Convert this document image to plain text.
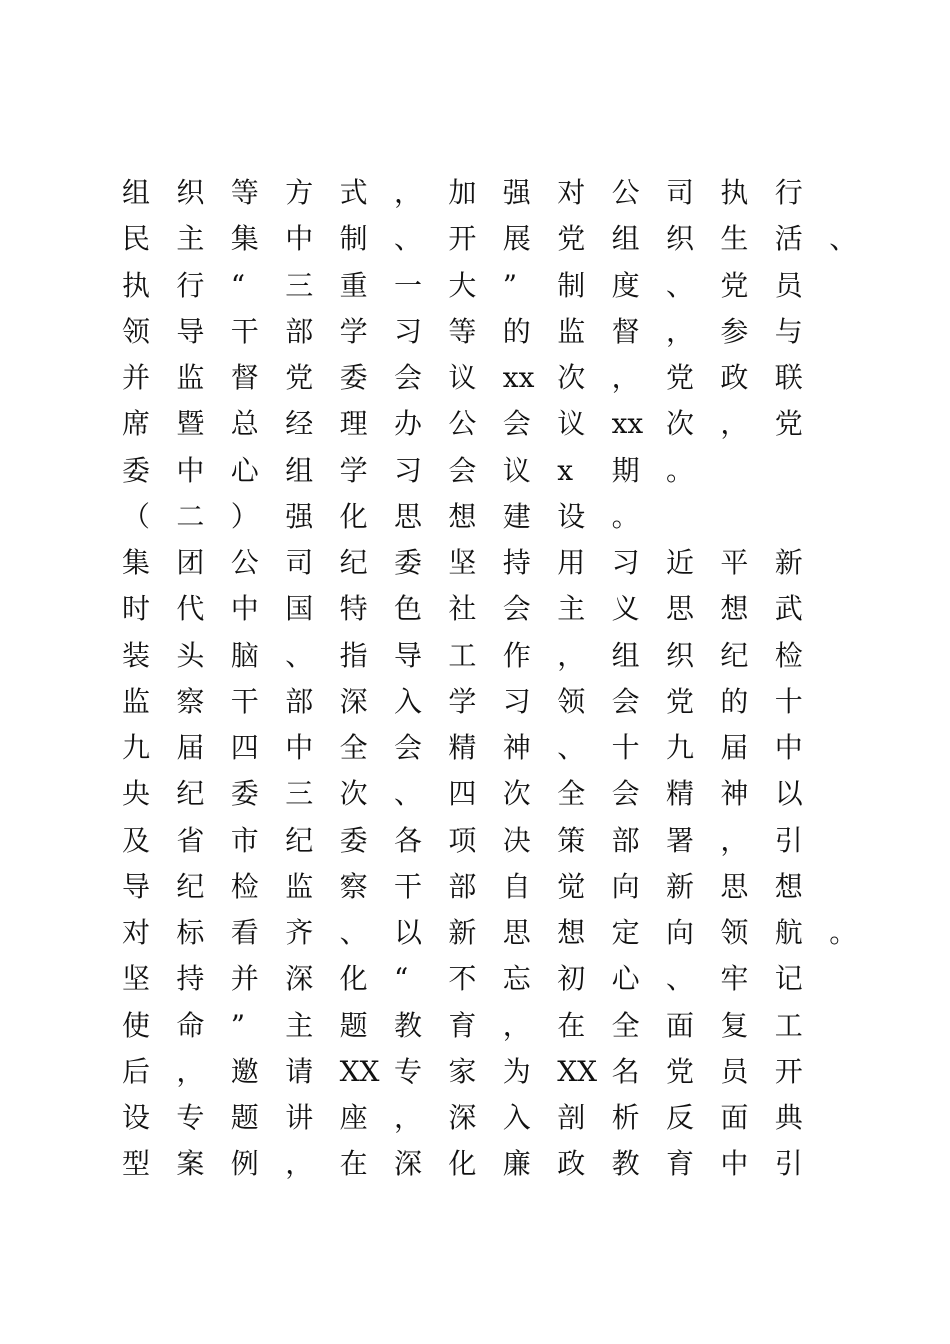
组 织 等 方 式 ， 加 强 对 公 司 执 行
民 主 集 中 制 、 开 展 党 组 织 生 活 、
执 行 “ 三 重 一 大 ” 制 度 、 党 员
领 导 干 部 学 习 等 的 监 督 ， 参 与
并 监 督 党 委 会 议 xx 次 ， 党 政 联
席 暨 总 经 理 办 公 会 议 xx 次 ， 党
委 中 心 组 学 习 会 议 x 期 。
（ 二 ） 强 化 思 想 建 设 。
集 团 公 司 纪 委 坚 持 用 习 近 平 新
时 代 中 国 特 色 社 会 主 义 思 想 武
装 头 脑 、 指 导 工 作 ， 组 织 纪 检
监 察 干 部 深 入 学 习 领 会 党 的 十
九 届 四 中 全 会 精 神 、 十 九 届 中
央 纪 委 三 次 、 四 次 全 会 精 神 以
及 省 市 纪 委 各 项 决 策 部 署 ， 引
导 纪 检 监 察 干 部 自 觉 向 新 思 想
对 标 看 齐 、 以 新 思 想 定 向 领 航 。
坚 持 并 深 化 “ 不 忘 初 心 、 牢 记
使 命 ” 主 题 教 育 ， 在 全 面 复 工
后 ， 邀 请 XX 专 家 为 XX 名 党 员 开
设 专 题 讲 座 ， 深 入 剖 析 反 面 典
型 案 例 ， 在 深 化 廉 政 教 育 中 引
